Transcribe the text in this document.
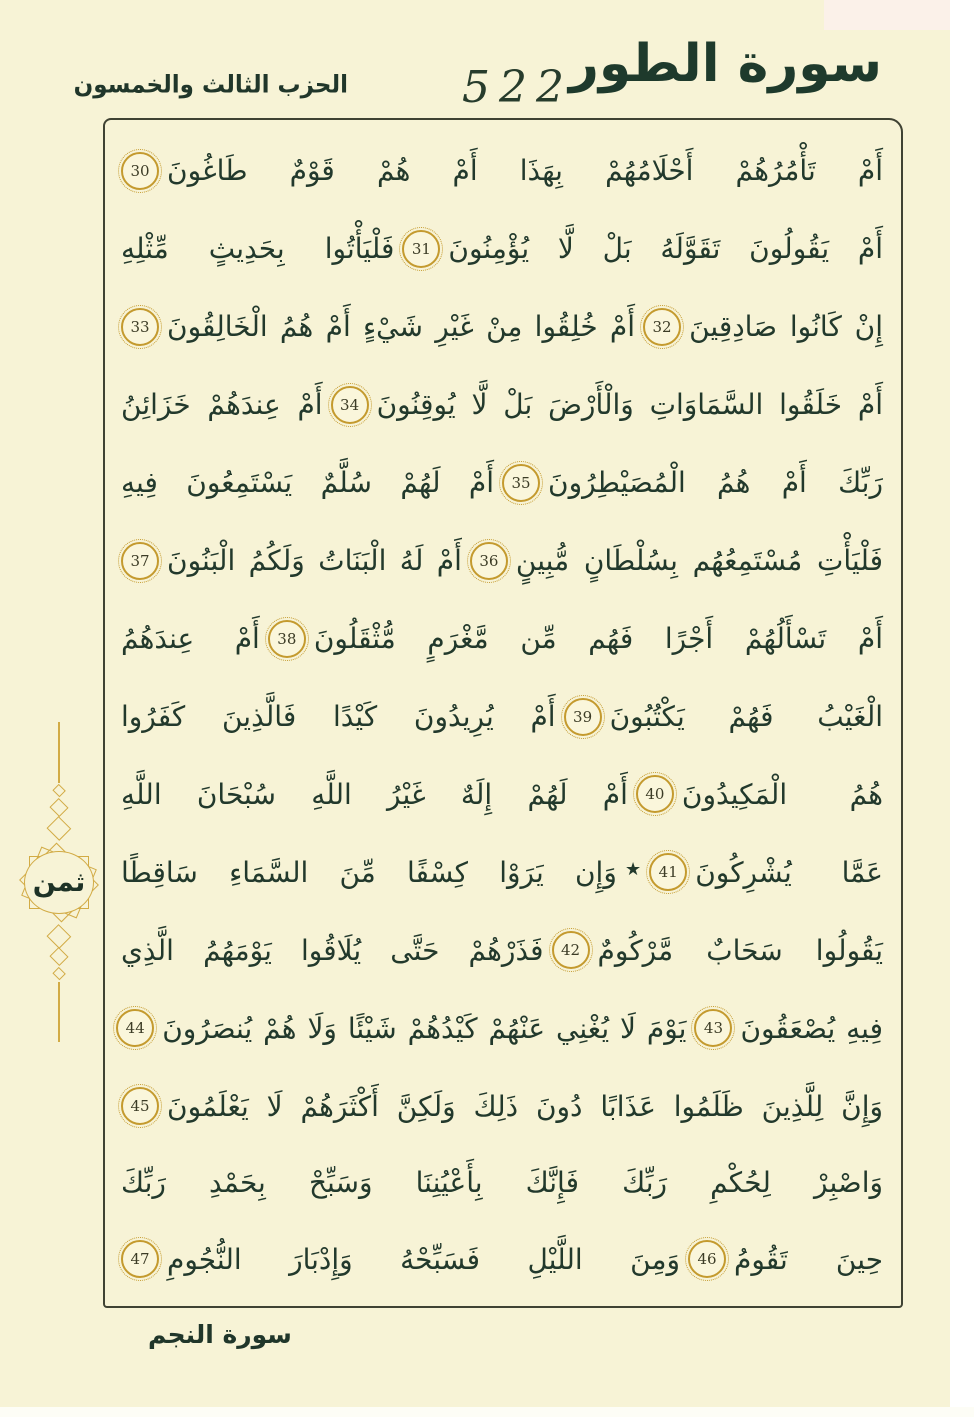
الحزب الثالث والخمسون	522
سورة الطور
أَمْ تَأْمُرُهُمْ أَحْلَامُهُمْ بِهَذَا أَمْ هُمْ قَوْمٌ طَاغُونَ
30
أَمْ يَقُولُونَ تَقَوَّلَهُ بَلْ لَّا يُؤْمِنُونَ
31
فَلْيَأْتُوا بِحَدِيثٍ مِّثْلِهِ
إِنْ كَانُوا صَادِقِينَ
32
أَمْ خُلِقُوا مِنْ غَيْرِ شَيْءٍ أَمْ هُمُ الْخَالِقُونَ
33
أَمْ خَلَقُوا السَّمَاوَاتِ وَالْأَرْضَ بَلْ لَّا يُوقِنُونَ
34
أَمْ عِندَهُمْ خَزَائِنُ
رَبِّكَ أَمْ هُمُ الْمُصَيْطِرُونَ
35
أَمْ لَهُمْ سُلَّمٌ يَسْتَمِعُونَ فِيهِ
فَلْيَأْتِ مُسْتَمِعُهُم بِسُلْطَانٍ مُّبِينٍ
36
أَمْ لَهُ الْبَنَاتُ وَلَكُمُ الْبَنُونَ
37
أَمْ تَسْأَلُهُمْ أَجْرًا فَهُم مِّن مَّغْرَمٍ مُّثْقَلُونَ
38
أَمْ عِندَهُمُ
الْغَيْبُ فَهُمْ يَكْتُبُونَ
39
أَمْ يُرِيدُونَ كَيْدًا فَالَّذِينَ كَفَرُوا
هُمُ الْمَكِيدُونَ
40
أَمْ لَهُمْ إِلَهٌ غَيْرُ اللَّهِ سُبْحَانَ اللَّهِ
عَمَّا يُشْرِكُونَ
41
٭
وَإِن يَرَوْا كِسْفًا مِّنَ السَّمَاءِ سَاقِطًا
يَقُولُوا سَحَابٌ مَّرْكُومٌ
42
فَذَرْهُمْ حَتَّى يُلَاقُوا يَوْمَهُمُ الَّذِي
فِيهِ يُصْعَقُونَ
43
يَوْمَ لَا يُغْنِي عَنْهُمْ كَيْدُهُمْ شَيْئًا وَلَا هُمْ يُنصَرُونَ
44
وَإِنَّ لِلَّذِينَ ظَلَمُوا عَذَابًا دُونَ ذَلِكَ وَلَكِنَّ أَكْثَرَهُمْ لَا يَعْلَمُونَ
45
وَاصْبِرْ لِحُكْمِ رَبِّكَ فَإِنَّكَ بِأَعْيُنِنَا وَسَبِّحْ بِحَمْدِ رَبِّكَ
حِينَ تَقُومُ
46
وَمِنَ اللَّيْلِ فَسَبِّحْهُ وَإِدْبَارَ النُّجُومِ
47
ثمن
سورة النجم
